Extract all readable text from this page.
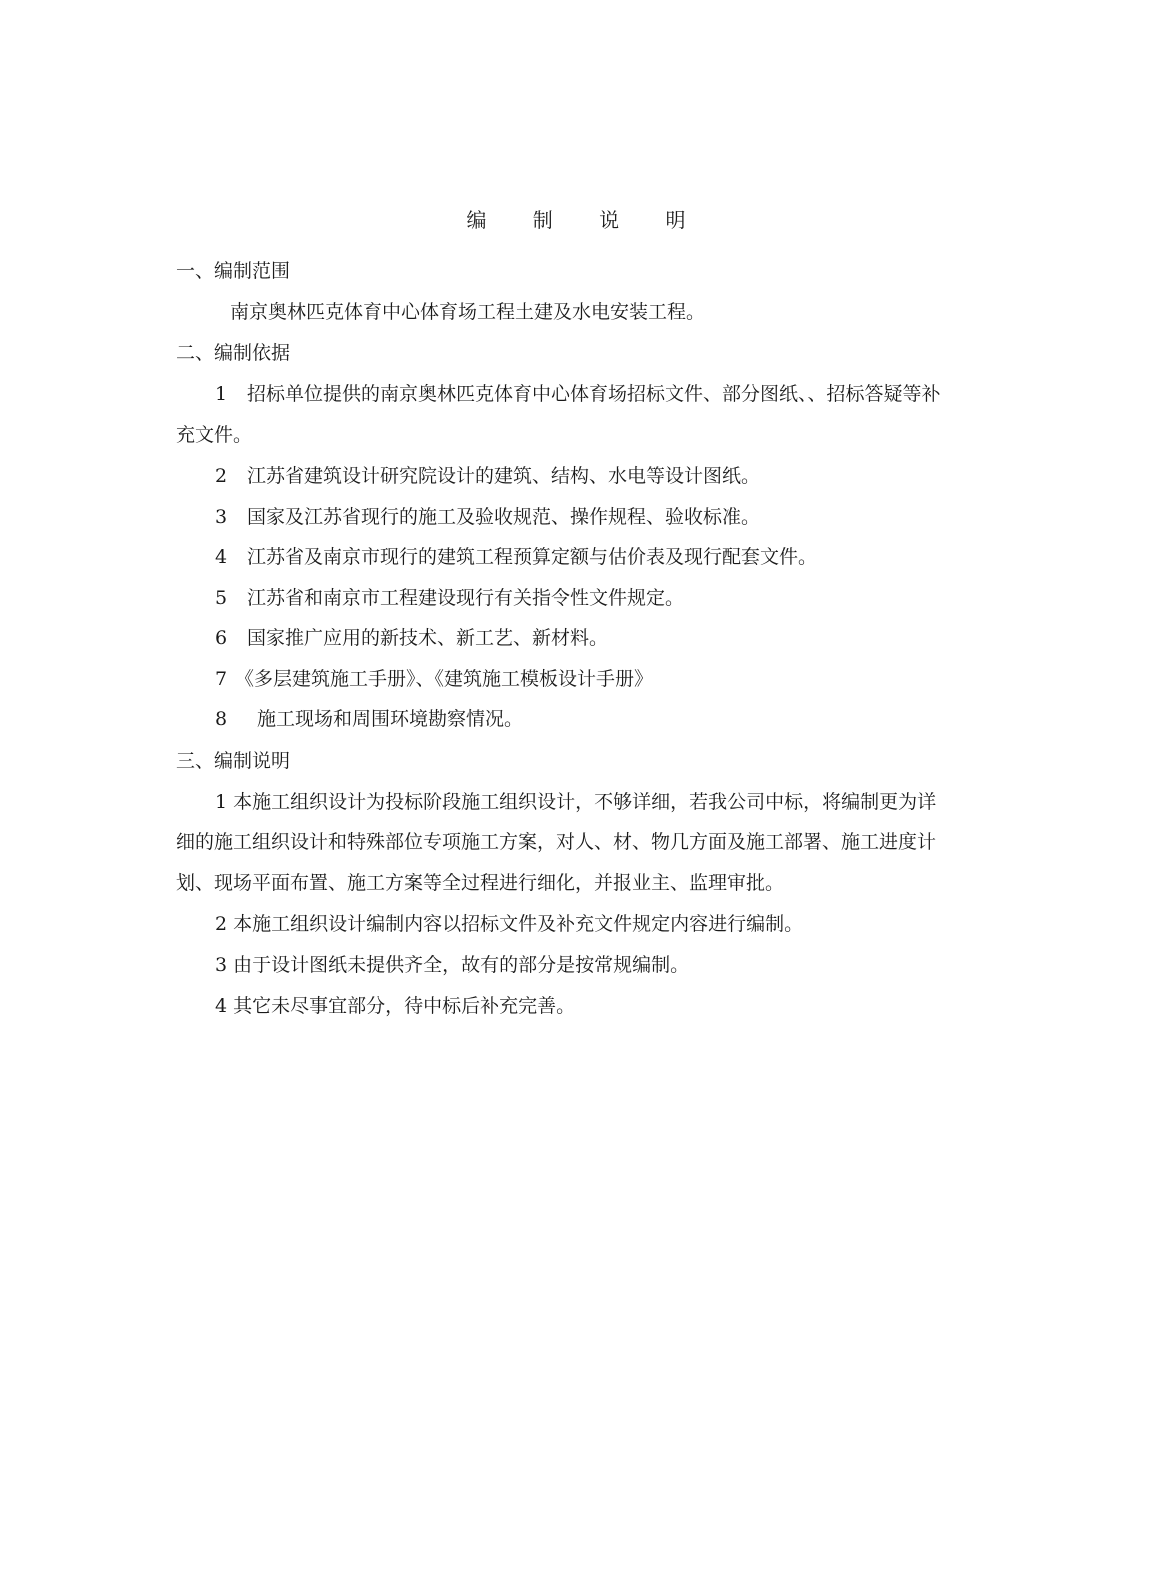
编 制 说 明
一、编制范围
南京奥林匹克体育中心体育场工程土建及水电安装工程。
二、编制依据
1 招标单位提供的南京奥林匹克体育中心体育场招标文件、部分图纸、、招标答疑等补
充文件。
2 江苏省建筑设计研究院设计的建筑、结构、水电等设计图纸。
3 国家及江苏省现行的施工及验收规范、操作规程、验收标准。
4 江苏省及南京市现行的建筑工程预算定额与估价表及现行配套文件。
5 江苏省和南京市工程建设现行有关指令性文件规定。
6 国家推广应用的新技术、新工艺、新材料。
7 《多层建筑施工手册》、《建筑施工模板设计手册》
8 施工现场和周围环境勘察情况。
三、编制说明
1 本施工组织设计为投标阶段施工组织设计，不够详细，若我公司中标，将编制更为详
细的施工组织设计和特殊部位专项施工方案，对人、材、物几方面及施工部署、施工进度计
划、现场平面布置、施工方案等全过程进行细化，并报业主、监理审批。
2 本施工组织设计编制内容以招标文件及补充文件规定内容进行编制。
3 由于设计图纸未提供齐全，故有的部分是按常规编制。
4 其它未尽事宜部分，待中标后补充完善。
